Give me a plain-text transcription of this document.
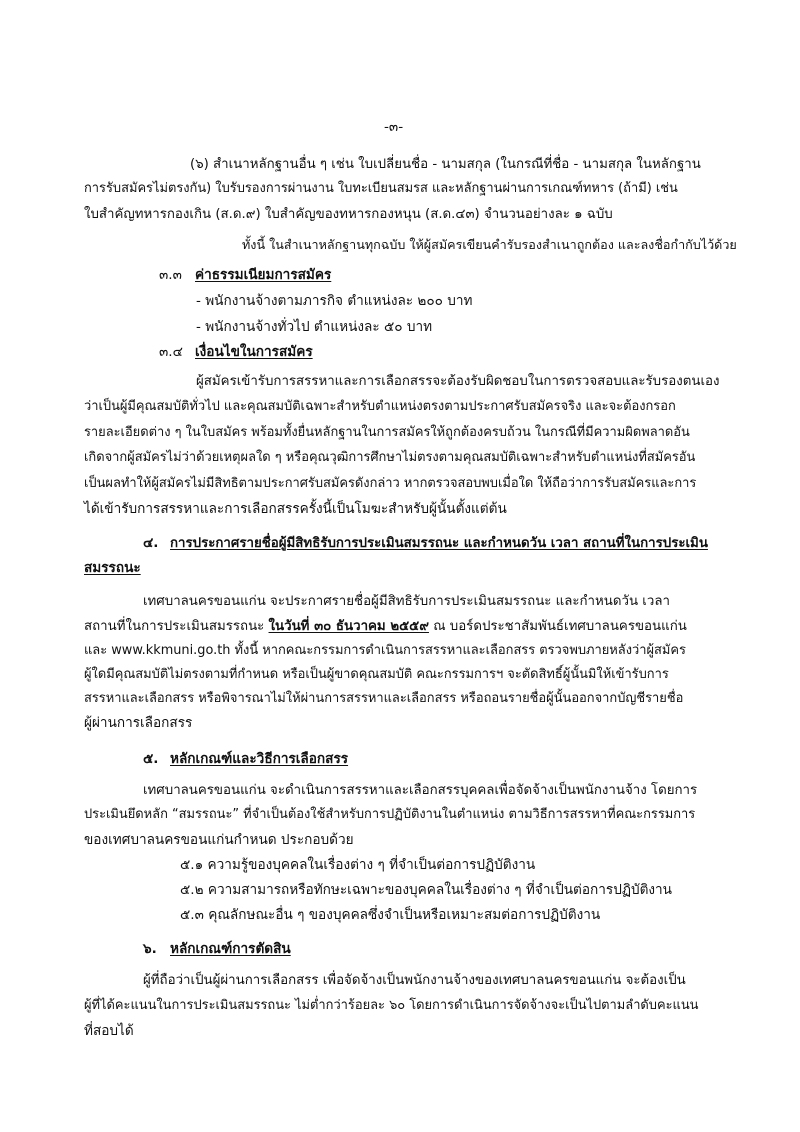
-๓-
(๖) สำเนาหลักฐานอื่น ๆ เช่น ใบเปลี่ยนชื่อ - นามสกุล (ในกรณีที่ชื่อ - นามสกุล ในหลักฐาน
การรับสมัครไม่ตรงกัน) ใบรับรองการผ่านงาน ใบทะเบียนสมรส และหลักฐานผ่านการเกณฑ์ทหาร (ถ้ามี) เช่น
ใบสำคัญทหารกองเกิน (ส.ด.๙) ใบสำคัญของทหารกองหนุน (ส.ด.๔๓) จำนวนอย่างละ ๑ ฉบับ
ทั้งนี้ ในสำเนาหลักฐานทุกฉบับ ให้ผู้สมัครเขียนคำรับรองสำเนาถูกต้อง และลงชื่อกำกับไว้ด้วย
๓.๓ ค่าธรรมเนียมการสมัคร
- พนักงานจ้างตามภารกิจ ตำแหน่งละ ๒๐๐ บาท
- พนักงานจ้างทั่วไป ตำแหน่งละ ๕๐ บาท
๓.๔ เงื่อนไขในการสมัคร
ผู้สมัครเข้ารับการสรรหาและการเลือกสรรจะต้องรับผิดชอบในการตรวจสอบและรับรองตนเอง
ว่าเป็นผู้มีคุณสมบัติทั่วไป และคุณสมบัติเฉพาะสำหรับตำแหน่งตรงตามประกาศรับสมัครจริง และจะต้องกรอก
รายละเอียดต่าง ๆ ในใบสมัคร พร้อมทั้งยื่นหลักฐานในการสมัครให้ถูกต้องครบถ้วน ในกรณีที่มีความผิดพลาดอัน
เกิดจากผู้สมัครไม่ว่าด้วยเหตุผลใด ๆ หรือคุณวุฒิการศึกษาไม่ตรงตามคุณสมบัติเฉพาะสำหรับตำแหน่งที่สมัครอัน
เป็นผลทำให้ผู้สมัครไม่มีสิทธิตามประกาศรับสมัครดังกล่าว หากตรวจสอบพบเมื่อใด ให้ถือว่าการรับสมัครและการ
ได้เข้ารับการสรรหาและการเลือกสรรครั้งนี้เป็นโมฆะสำหรับผู้นั้นตั้งแต่ต้น
๔. การประกาศรายชื่อผู้มีสิทธิรับการประเมินสมรรถนะ และกำหนดวัน เวลา สถานที่ในการประเมิน
สมรรถนะ
เทศบาลนครขอนแก่น จะประกาศรายชื่อผู้มีสิทธิรับการประเมินสมรรถนะ และกำหนดวัน เวลา
สถานที่ในการประเมินสมรรถนะ ในวันที่ ๓๐ ธันวาคม ๒๕๕๙ ณ บอร์ดประชาสัมพันธ์เทศบาลนครขอนแก่น
และ www.kkmuni.go.th ทั้งนี้ หากคณะกรรมการดำเนินการสรรหาและเลือกสรร ตรวจพบภายหลังว่าผู้สมัคร
ผู้ใดมีคุณสมบัติไม่ตรงตามที่กำหนด หรือเป็นผู้ขาดคุณสมบัติ คณะกรรมการฯ จะตัดสิทธิ์ผู้นั้นมิให้เข้ารับการ
สรรหาและเลือกสรร หรือพิจารณาไม่ให้ผ่านการสรรหาและเลือกสรร หรือถอนรายชื่อผู้นั้นออกจากบัญชีรายชื่อ
ผู้ผ่านการเลือกสรร
๕. หลักเกณฑ์และวิธีการเลือกสรร
เทศบาลนครขอนแก่น จะดำเนินการสรรหาและเลือกสรรบุคคลเพื่อจัดจ้างเป็นพนักงานจ้าง โดยการ
ประเมินยึดหลัก “สมรรถนะ” ที่จำเป็นต้องใช้สำหรับการปฏิบัติงานในตำแหน่ง ตามวิธีการสรรหาที่คณะกรรมการ
ของเทศบาลนครขอนแก่นกำหนด ประกอบด้วย
๕.๑ ความรู้ของบุคคลในเรื่องต่าง ๆ ที่จำเป็นต่อการปฏิบัติงาน
๕.๒ ความสามารถหรือทักษะเฉพาะของบุคคลในเรื่องต่าง ๆ ที่จำเป็นต่อการปฏิบัติงาน
๕.๓ คุณลักษณะอื่น ๆ ของบุคคลซึ่งจำเป็นหรือเหมาะสมต่อการปฏิบัติงาน
๖. หลักเกณฑ์การตัดสิน
ผู้ที่ถือว่าเป็นผู้ผ่านการเลือกสรร เพื่อจัดจ้างเป็นพนักงานจ้างของเทศบาลนครขอนแก่น จะต้องเป็น
ผู้ที่ได้คะแนนในการประเมินสมรรถนะ ไม่ต่ำกว่าร้อยละ ๖๐ โดยการดำเนินการจัดจ้างจะเป็นไปตามลำดับคะแนน
ที่สอบได้
